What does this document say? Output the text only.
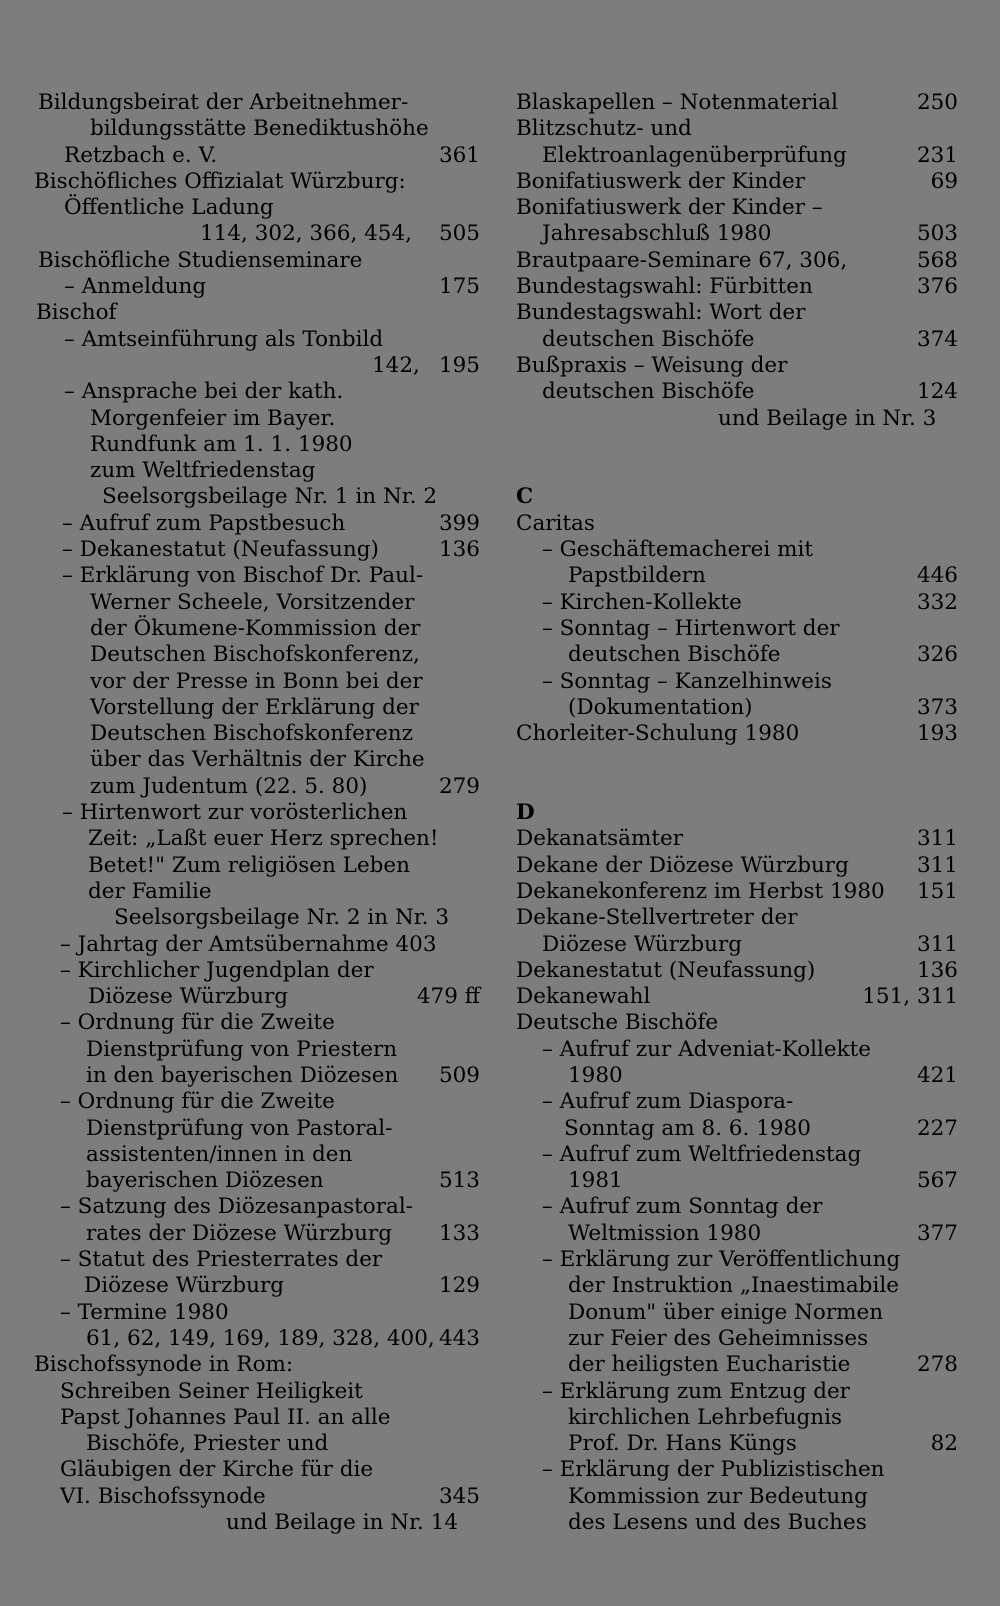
Bildungsbeirat der Arbeitnehmer-
bildungsstätte Benediktushöhe
Retzbach e. V.	361
Bischöfliches Offizialat Würzburg:
Öffentliche Ladung
114, 302, 366, 454, 505
Bischöfliche Studienseminare
– Anmeldung	175
Bischof
– Amtseinführung als Tonbild
142, 195
– Ansprache bei der kath.
Morgenfeier im Bayer.
Rundfunk am 1. 1. 1980
zum Weltfriedenstag
Seelsorgsbeilage Nr. 1 in Nr. 2
– Aufruf zum Papstbesuch	399
– Dekanestatut (Neufassung)	136
– Erklärung von Bischof Dr. Paul-
Werner Scheele, Vorsitzender
der Ökumene-Kommission der
Deutschen Bischofskonferenz,
vor der Presse in Bonn bei der
Vorstellung der Erklärung der
Deutschen Bischofskonferenz
über das Verhältnis der Kirche
zum Judentum (22. 5. 80)	279
– Hirtenwort zur vorösterlichen
Zeit: „Laßt euer Herz sprechen!
Betet!" Zum religiösen Leben
der Familie
Seelsorgsbeilage Nr. 2 in Nr. 3
– Jahrtag der Amtsübernahme 403
– Kirchlicher Jugendplan der
Diözese Würzburg	479 ff
– Ordnung für die Zweite
Dienstprüfung von Priestern
in den bayerischen Diözesen 509
– Ordnung für die Zweite
Dienstprüfung von Pastoral-
assistenten/innen in den
bayerischen Diözesen	513
– Satzung des Diözesanpastoral-
rates der Diözese Würzburg 133
– Statut des Priesterrates der
Diözese Würzburg	129
– Termine 1980
61, 62, 149, 169, 189, 328, 400, 443
Bischofssynode in Rom:
Schreiben Seiner Heiligkeit
Papst Johannes Paul II. an alle
Bischöfe, Priester und
Gläubigen der Kirche für die
VI. Bischofssynode	345
und Beilage in Nr. 14
Blaskapellen – Notenmaterial	250
Blitzschutz- und
Elektroanlagenüberprüfung	231
Bonifatiuswerk der Kinder	69
Bonifatiuswerk der Kinder –
Jahresabschluß 1980	503
Brautpaare-Seminare 67, 306,	568
Bundestagswahl: Fürbitten	376
Bundestagswahl: Wort der
deutschen Bischöfe	374
Bußpraxis – Weisung der
deutschen Bischöfe	124
und Beilage in Nr. 3
C
Caritas
– Geschäftemacherei mit
Papstbildern	446
– Kirchen-Kollekte	332
– Sonntag – Hirtenwort der
deutschen Bischöfe	326
– Sonntag – Kanzelhinweis
(Dokumentation)	373
Chorleiter-Schulung 1980	193
D
Dekanatsämter	311
Dekane der Diözese Würzburg	311
Dekanekonferenz im Herbst 1980 151
Dekane-Stellvertreter der
Diözese Würzburg	311
Dekanestatut (Neufassung)	136
Dekanewahl	151, 311
Deutsche Bischöfe
– Aufruf zur Adveniat-Kollekte
1980	421
– Aufruf zum Diaspora-
Sonntag am 8. 6. 1980	227
– Aufruf zum Weltfriedenstag
1981	567
– Aufruf zum Sonntag der
Weltmission 1980	377
– Erklärung zur Veröffentlichung
der Instruktion „Inaestimabile
Donum" über einige Normen
zur Feier des Geheimnisses
der heiligsten Eucharistie	278
– Erklärung zum Entzug der
kirchlichen Lehrbefugnis
Prof. Dr. Hans Küngs	82
– Erklärung der Publizistischen
Kommission zur Bedeutung
des Lesens und des Buches
